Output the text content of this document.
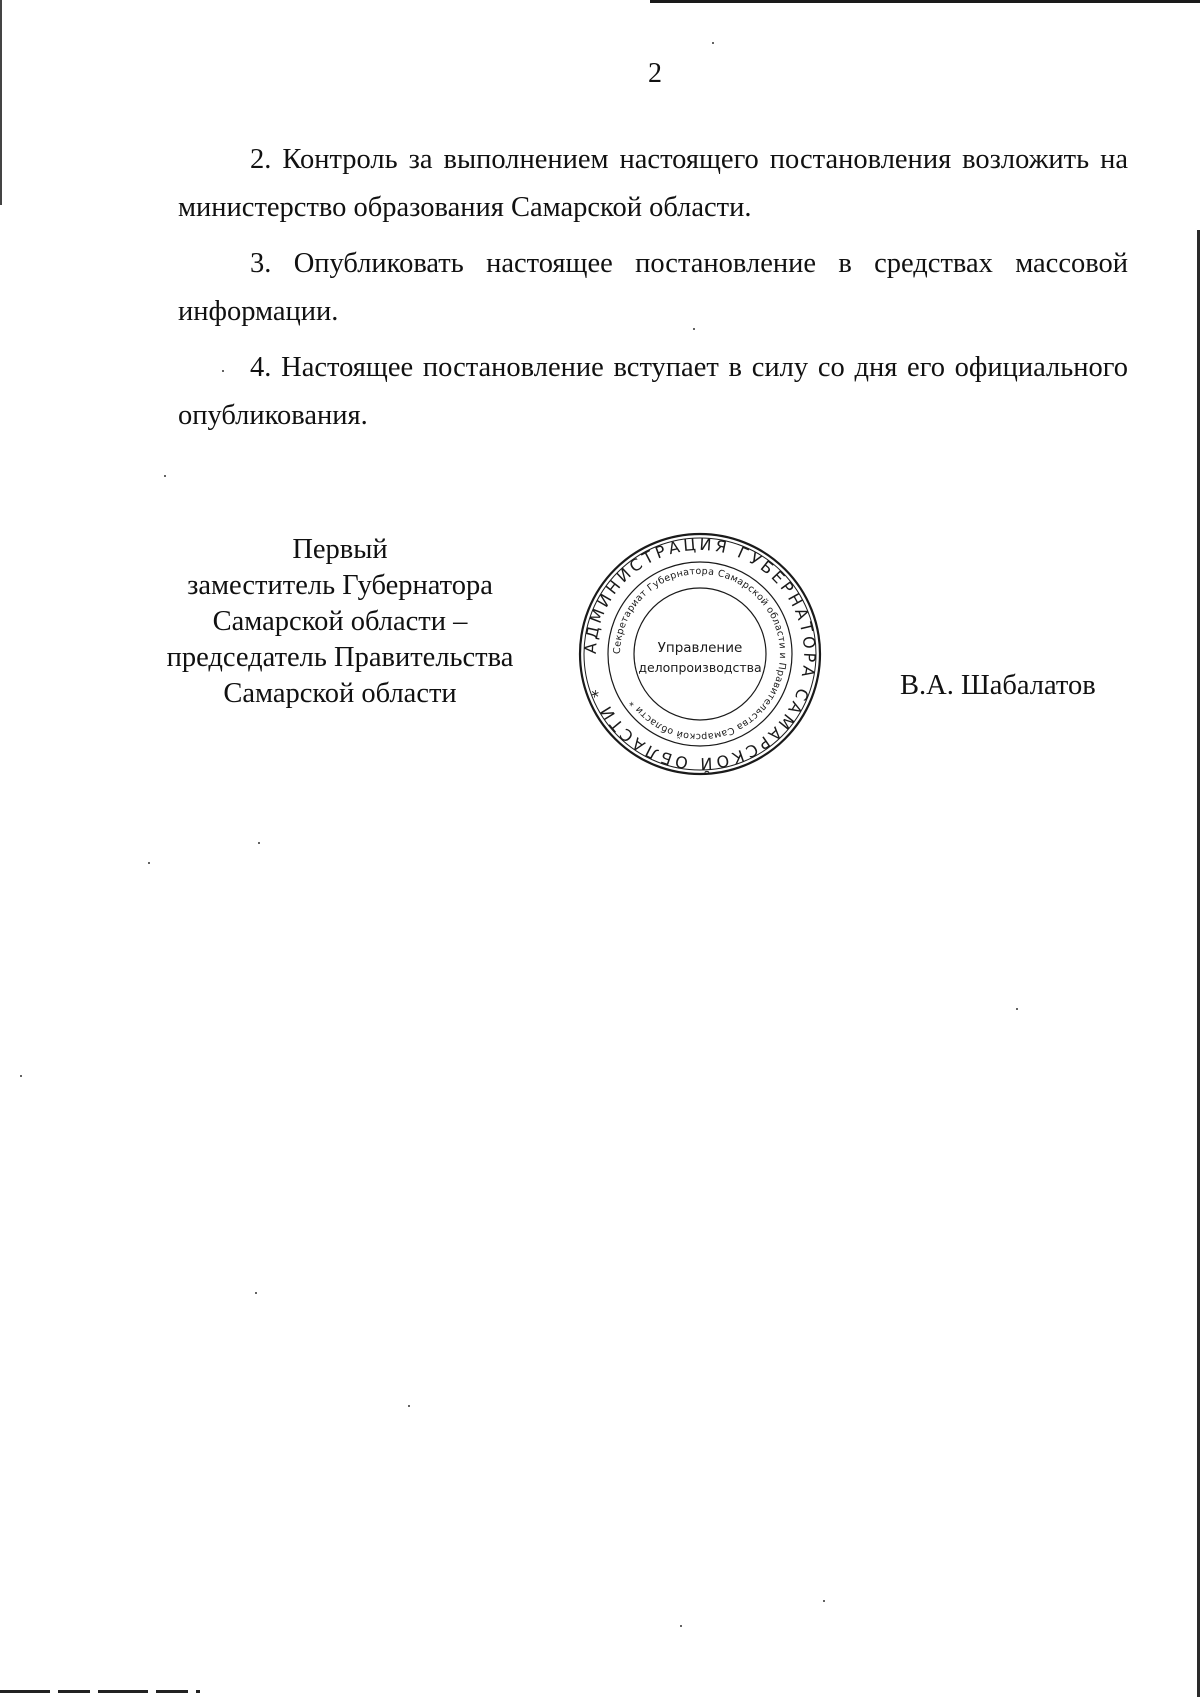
2

2. Контроль за выполнением настоящего постановления возложить на министерство образования Самарской области.

3. Опубликовать настоящее постановление в средствах массовой информации.

4. Настоящее постановление вступает в силу со дня его официального опубликования.

Первый
заместитель Губернатора
Самарской области –
председатель Правительства
Самарской области
АДМИНИСТРАЦИЯ ГУБЕРНАТОРА САМАРСКОЙ ОБЛАСТИ *
Секретариат Губернатора Самарской области и Правительства Самарской области *
Управление
делопроизводства
В.А. Шабалатов
